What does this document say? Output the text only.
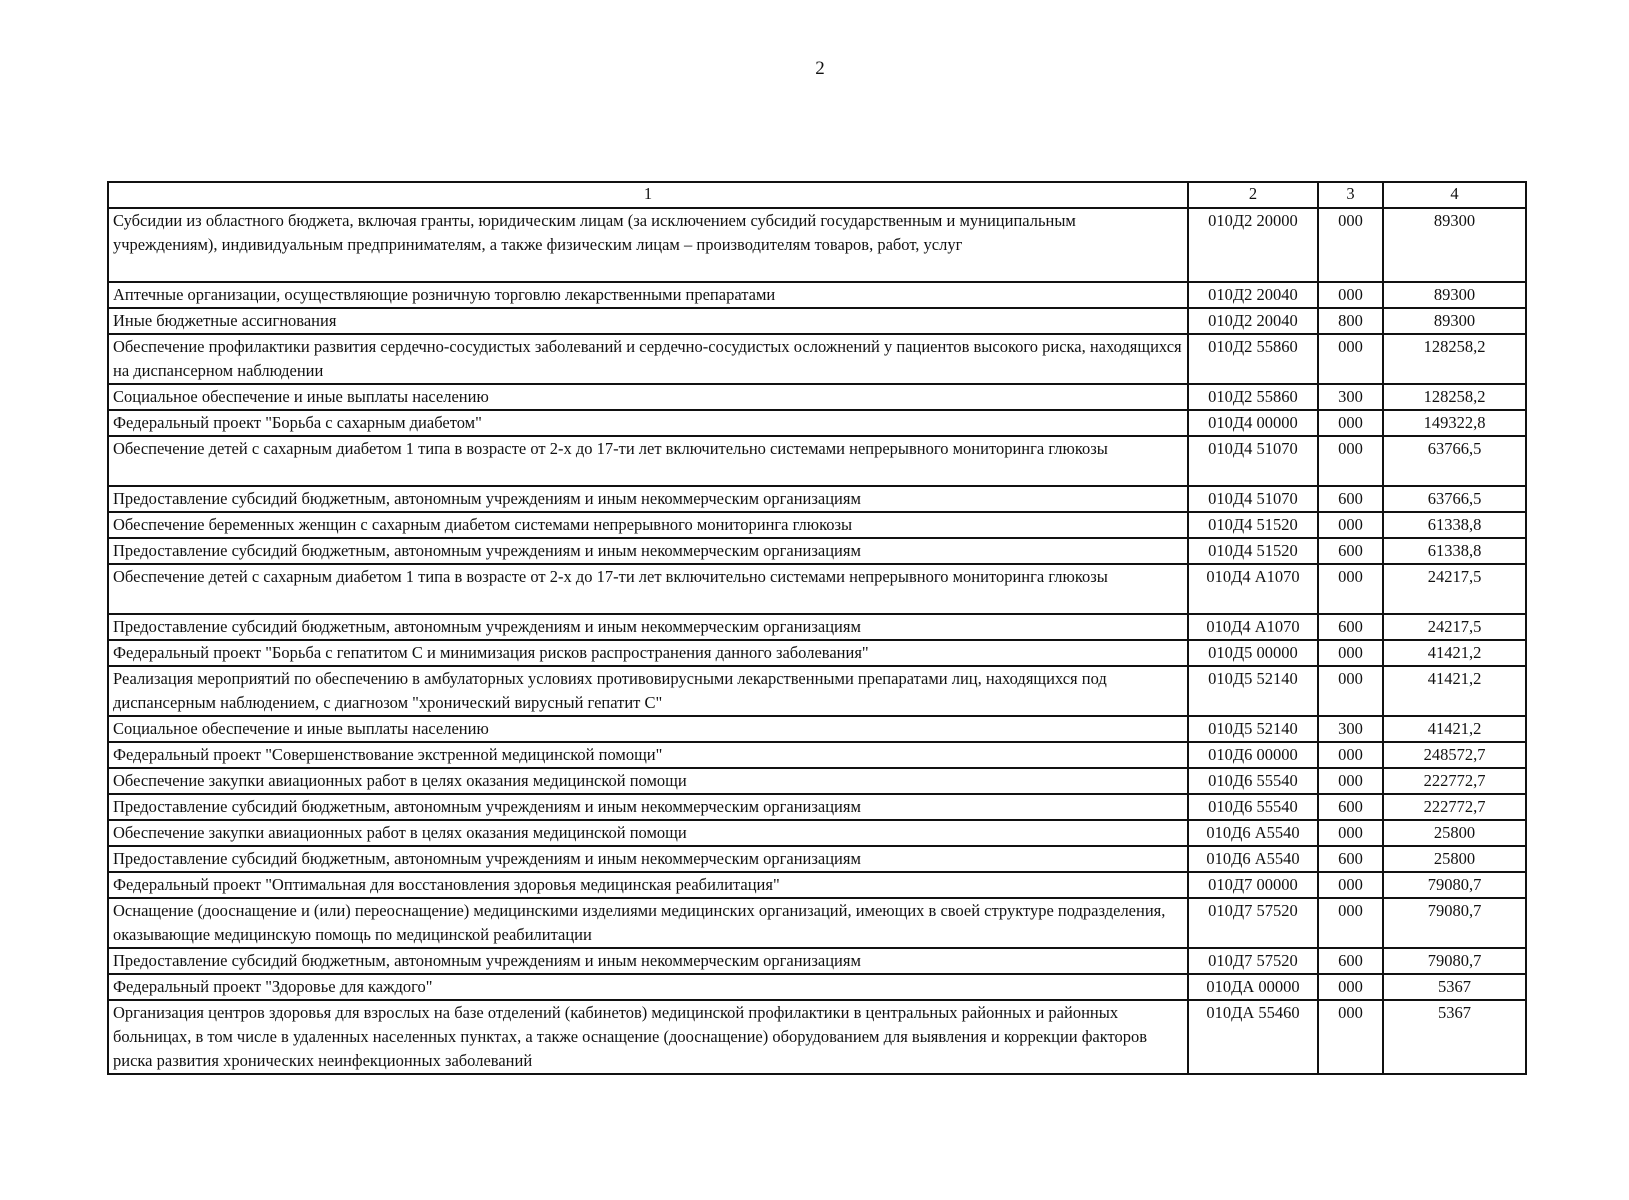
2
1	2	3	4
Субсидии из областного бюджета, включая гранты, юридическим лицам (за исключением субсидий государственным и муниципальным учреждениям), индивидуальным предпринимателям, а также физическим лицам – производителям товаров, работ, услуг	010Д2 20000	000	89300
Аптечные организации, осуществляющие розничную торговлю лекарственными препаратами	010Д2 20040	000	89300
Иные бюджетные ассигнования	010Д2 20040	800	89300
Обеспечение профилактики развития сердечно-сосудистых заболеваний и сердечно-сосудистых осложнений у пациентов высокого риска, находящихся на диспансерном наблюдении	010Д2 55860	000	128258,2
Социальное обеспечение и иные выплаты населению	010Д2 55860	300	128258,2
Федеральный проект "Борьба с сахарным диабетом"	010Д4 00000	000	149322,8
Обеспечение детей с сахарным диабетом 1 типа в возрасте от 2-х до 17-ти лет включительно системами непрерывного мониторинга глюкозы	010Д4 51070	000	63766,5
Предоставление субсидий бюджетным, автономным учреждениям и иным некоммерческим организациям	010Д4 51070	600	63766,5
Обеспечение беременных женщин с сахарным диабетом системами непрерывного мониторинга глюкозы	010Д4 51520	000	61338,8
Предоставление субсидий бюджетным, автономным учреждениям и иным некоммерческим организациям	010Д4 51520	600	61338,8
Обеспечение детей с сахарным диабетом 1 типа в возрасте от 2-х до 17-ти лет включительно системами непрерывного мониторинга глюкозы	010Д4 А1070	000	24217,5
Предоставление субсидий бюджетным, автономным учреждениям и иным некоммерческим организациям	010Д4 А1070	600	24217,5
Федеральный проект "Борьба с гепатитом С и минимизация рисков распространения данного заболевания"	010Д5 00000	000	41421,2
Реализация мероприятий по обеспечению в амбулаторных условиях противовирусными лекарственными препаратами лиц, находящихся под диспансерным наблюдением, с диагнозом "хронический вирусный гепатит С"	010Д5 52140	000	41421,2
Социальное обеспечение и иные выплаты населению	010Д5 52140	300	41421,2
Федеральный проект "Совершенствование экстренной медицинской помощи"	010Д6 00000	000	248572,7
Обеспечение закупки авиационных работ в целях оказания медицинской помощи	010Д6 55540	000	222772,7
Предоставление субсидий бюджетным, автономным учреждениям и иным некоммерческим организациям	010Д6 55540	600	222772,7
Обеспечение закупки авиационных работ в целях оказания медицинской помощи	010Д6 А5540	000	25800
Предоставление субсидий бюджетным, автономным учреждениям и иным некоммерческим организациям	010Д6 А5540	600	25800
Федеральный проект "Оптимальная для восстановления здоровья медицинская реабилитация"	010Д7 00000	000	79080,7
Оснащение (дооснащение и (или) переоснащение) медицинскими изделиями медицинских организаций, имеющих в своей структуре подразделения, оказывающие медицинскую помощь по медицинской реабилитации	010Д7 57520	000	79080,7
Предоставление субсидий бюджетным, автономным учреждениям и иным некоммерческим организациям	010Д7 57520	600	79080,7
Федеральный проект "Здоровье для каждого"	010ДА 00000	000	5367
Организация центров здоровья для взрослых на базе отделений (кабинетов) медицинской профилактики в центральных районных и районных больницах, в том числе в удаленных населенных пунктах, а также оснащение (дооснащение) оборудованием для выявления и коррекции факторов риска развития хронических неинфекционных заболеваний	010ДА 55460	000	5367
